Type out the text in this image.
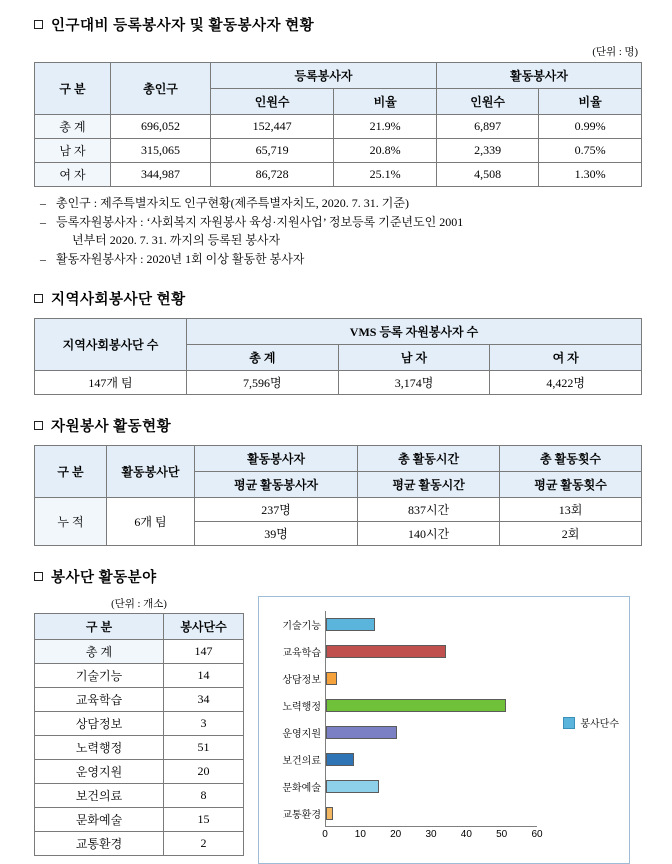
인구대비 등록봉사자 및 활동봉사자 현황
(단위 : 명)
구 분	총인구	등록봉사자		활동봉사자	
		인원수	비율	인원수	비율
총 계	696,052	152,447	21.9%	6,897	0.99%
남 자	315,065	65,719	20.8%	2,339	0.75%
여 자	344,987	86,728	25.1%	4,508	1.30%
– 총인구 : 제주특별자치도 인구현황(제주특별자치도, 2020. 7. 31. 기준)
– 등록자원봉사자 : ‘사회복지 자원봉사 육성·지원사업’ 정보등록 기준년도인 2001
년부터 2020. 7. 31. 까지의 등록된 봉사자
– 활동자원봉사자 : 2020년 1회 이상 활동한 봉사자
지역사회봉사단 현황
지역사회봉사단 수	VMS 등록 자원봉사자 수		
	총 계	남 자	여 자
147개 팀	7,596명	3,174명	4,422명
자원봉사 활동현황
구 분	활동봉사단	활동봉사자	총 활동시간	총 활동횟수
		평균 활동봉사자	평균 활동시간	평균 활동횟수
누 적	6개 팀	237명	837시간	13회
		39명	140시간	2회
봉사단 활동분야
(단위 : 개소)
구 분	봉사단수
총 계	147
기술기능	14
교육학습	34
상담정보	3
노력행정	51
운영지원	20
보건의료	8
문화예술	15
교통환경	2
기술기능
교육학습
상담정보
노력행정
운영지원
보건의료
문화예술
교통환경
0	10 20 30 40 50 60
봉사단수
